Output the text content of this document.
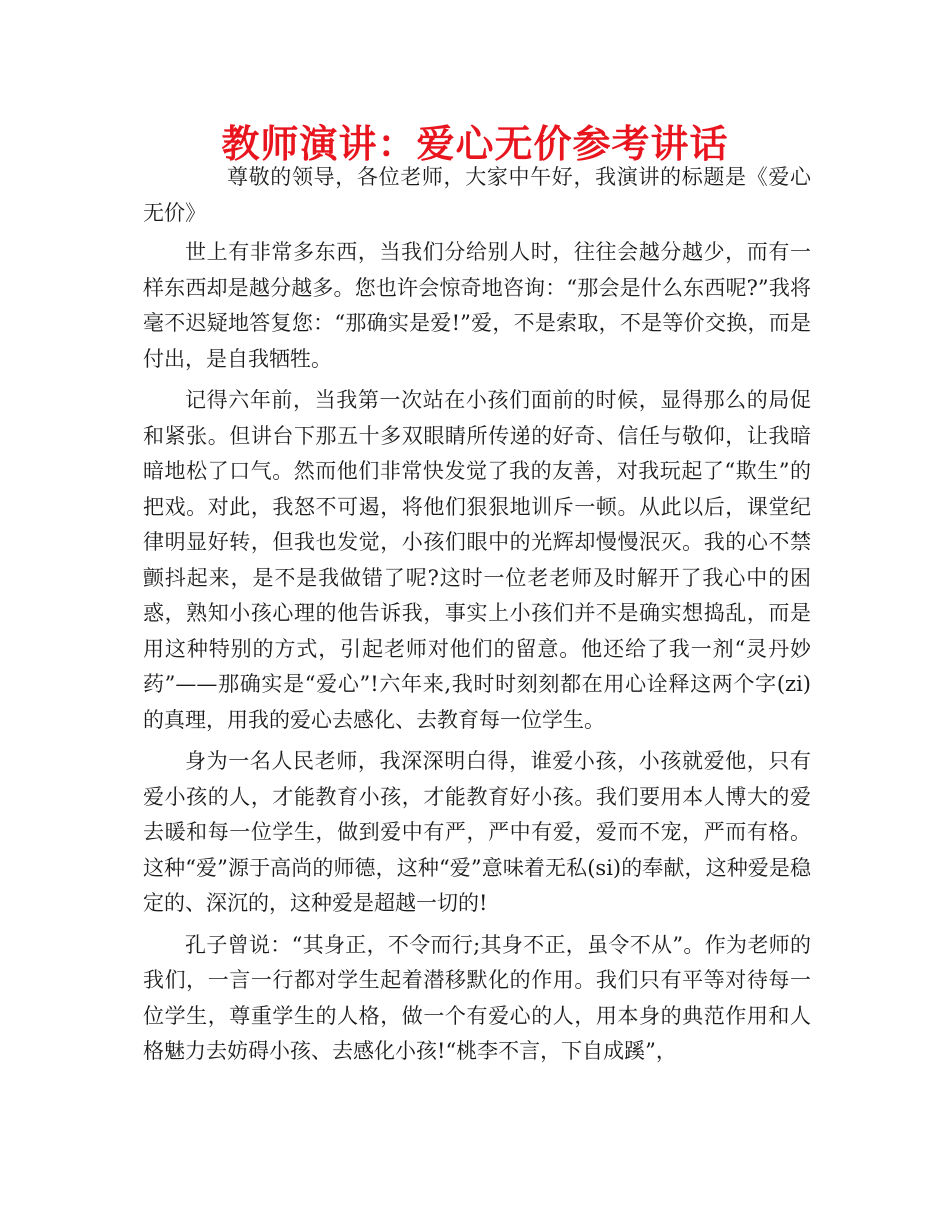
教师演讲：爱心无价参考讲话

尊敬的领导，各位老师，大家中午好，我演讲的标题是《爱心无价》

世上有非常多东西，当我们分给别人时，往往会越分越少，而有一样东西却是越分越多。您也许会惊奇地咨询：“那会是什么东西呢?”我将毫不迟疑地答复您：“那确实是爱!”爱，不是索取，不是等价交换，而是付出，是自我牺牲。

记得六年前，当我第一次站在小孩们面前的时候，显得那么的局促和紧张。但讲台下那五十多双眼睛所传递的好奇、信任与敬仰，让我暗暗地松了口气。然而他们非常快发觉了我的友善，对我玩起了“欺生”的把戏。对此，我怒不可遏，将他们狠狠地训斥一顿。从此以后，课堂纪律明显好转，但我也发觉，小孩们眼中的光辉却慢慢泯灭。我的心不禁颤抖起来，是不是我做错了呢?这时一位老老师及时解开了我心中的困惑，熟知小孩心理的他告诉我，事实上小孩们并不是确实想捣乱，而是用这种特别的方式，引起老师对他们的留意。他还给了我一剂“灵丹妙药”——那确实是“爱心”!六年来,我时时刻刻都在用心诠释这两个字(zi)的真理，用我的爱心去感化、去教育每一位学生。

身为一名人民老师，我深深明白得，谁爱小孩，小孩就爱他，只有爱小孩的人，才能教育小孩，才能教育好小孩。我们要用本人博大的爱去暖和每一位学生，做到爱中有严，严中有爱，爱而不宠，严而有格。这种“爱”源于高尚的师德，这种“爱”意味着无私(si)的奉献，这种爱是稳定的、深沉的，这种爱是超越一切的!

孔子曾说：“其身正，不令而行;其身不正，虽令不从”。作为老师的我们，一言一行都对学生起着潜移默化的作用。我们只有平等对待每一位学生，尊重学生的人格，做一个有爱心的人，用本身的典范作用和人格魅力去妨碍小孩、去感化小孩!“桃李不言，下自成蹊”，
